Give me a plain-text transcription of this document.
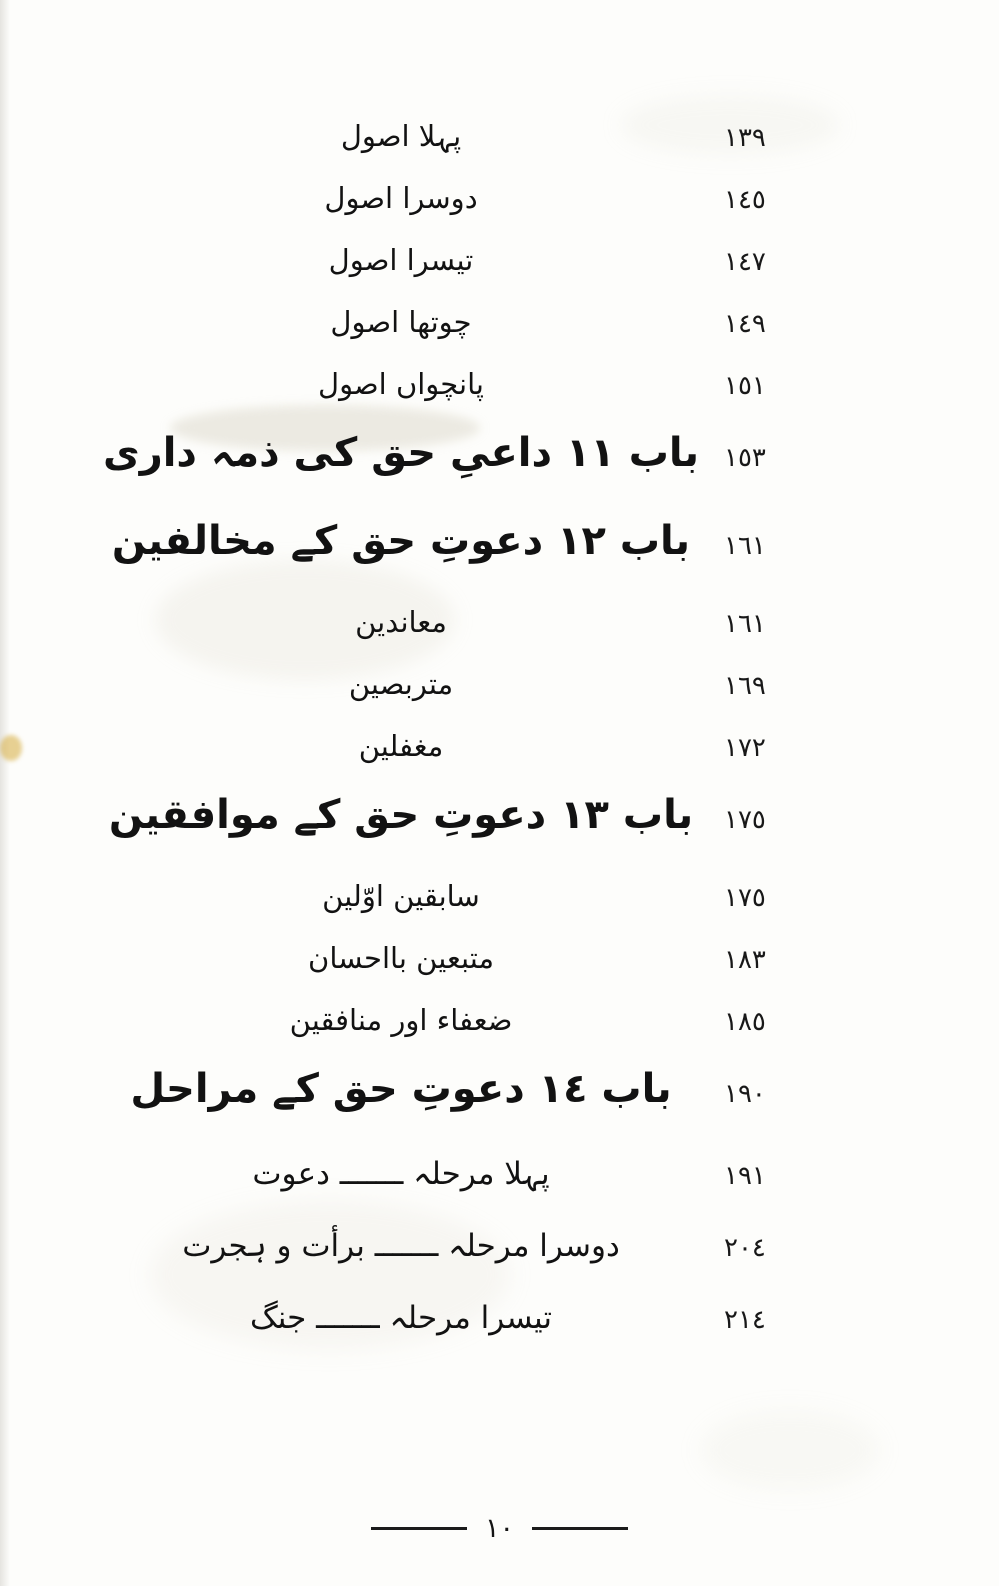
١٣٩
پہلا اصول
١٤٥
دوسرا اصول
١٤٧
تیسرا اصول
١٤٩
چوتھا اصول
١٥١
پانچواں اصول
١٥٣
باب ١١ داعیِ حق کی ذمہ داری
١٦١
باب ١٢ دعوتِ حق کے مخالفین
١٦١
معاندین
١٦٩
متربصین
١٧٢
مغفلین
١٧٥
باب ١٣ دعوتِ حق کے موافقین
١٧٥
سابقین اوّلین
١٨٣
متبعین بااحسان
١٨٥
ضعفاء اور منافقین
١٩٠
باب ١٤ دعوتِ حق کے مراحل
١٩١
پہلا مرحلہ ـــــــ دعوت
٢٠٤
دوسرا مرحلہ ـــــــ برأت و ہجرت
٢١٤
تیسرا مرحلہ ـــــــ جنگ
١٠
